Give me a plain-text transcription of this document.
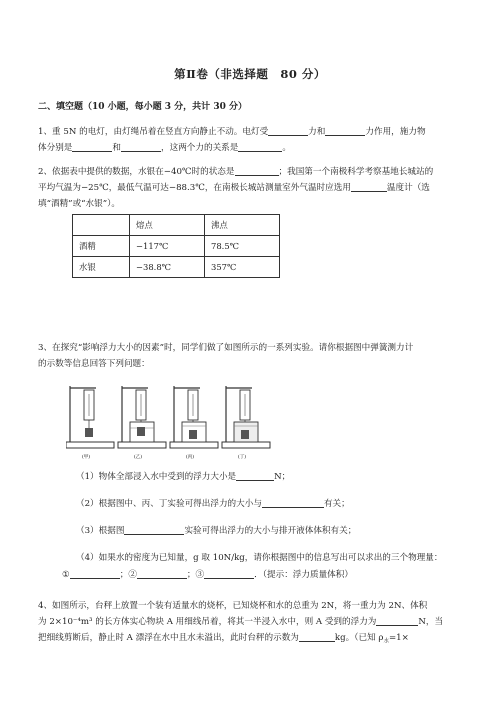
第Ⅱ卷（非选择题　80 分）
二、填空题（10 小题，每小题 3 分，共计 30 分）
1、重 5N 的电灯，由灯绳吊着在竖直方向静止不动。电灯受	力和	力作用，施力物
体分别是	和	，这两个力的关系是	。
2、依据表中提供的数据，水银在−40℃时的状态是	；我国第一个南极科学考察基地长城站的
平均气温为−25℃，最低气温可达−88.3℃，在南极长城站测量室外气温时应选用	温度计（选
填“酒精”或“水银”）。
	熔点	沸点
酒精	−117℃	78.5℃
水银	−38.8℃	357℃
3、在探究“影响浮力大小的因素”时，同学们做了如图所示的一系列实验。请你根据图中弹簧测力计
的示数等信息回答下列问题：
(甲)	(乙)	(丙)	(丁)
（1）物体全部浸入水中受到的浮力大小是	N；
（2）根据图中、丙、丁实验可得出浮力的大小与	有关；
（3）根据图	实验可得出浮力的大小与排开液体体积有关；
（4）如果水的密度为已知量，g 取 10N/kg，请你根据图中的信息写出可以求出的三个物理量：
①	；②	；③	．（提示：浮力质量体积）
4、如图所示，台秤上放置一个装有适量水的烧杯，已知烧杯和水的总重为 2N，将一重力为 2N、体积
为 2×10⁻⁴m³ 的长方体实心物块 A 用细线吊着，将其一半浸入水中，则 A 受到的浮力为	N，当
把细线剪断后，静止时 A 漂浮在水中且水未溢出，此时台秤的示数为	kg。（已知 $\rho_水=1\times$
